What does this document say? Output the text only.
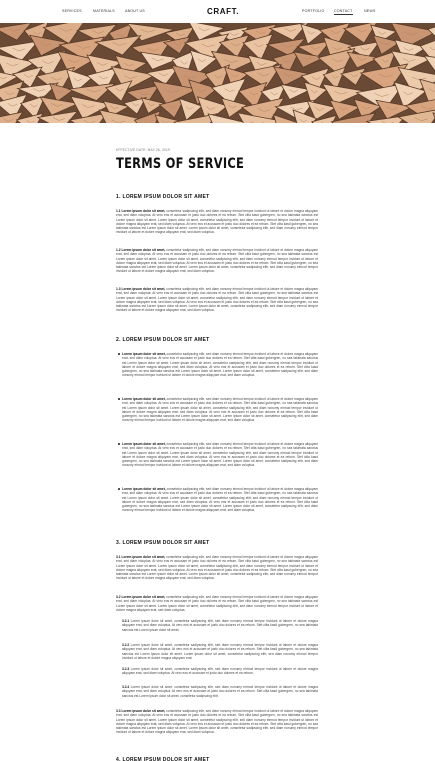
SERVICES	MATERIALS	ABOUT US	CRAFT.	PORTFOLIO	CONTACT	NEWS
EFFECTIVE DATE: MAY 26, 2019
TERMS OF SERVICE
1. LOREM IPSUM DOLOR SIT AMET

1.1 Lorem ipsum dolor sit amet, consetetur sadipscing elitr, sed diam nonumy eirmod tempor invidunt ut labore et dolore magna aliquyam erat, sed diam voluptua. At vero eos et accusam et justo duo dolores et ea rebum. Stet clita kasd gubergren, no sea takimata sanctus est Lorem ipsum dolor sit amet. Lorem ipsum dolor sit amet, consetetur sadipscing elitr, sed diam nonumy eirmod tempor invidunt ut labore et dolore magna aliquyam erat, sed diam voluptua. At vero eos et accusam et justo duo dolores et ea rebum. Stet clita kasd gubergren, no sea takimata sanctus est Lorem ipsum dolor sit amet. Lorem ipsum dolor sit amet, consetetur sadipscing elitr, sed diam nonumy eirmod tempor invidunt ut labore et dolore magna aliquyam erat, sed diam voluptua.

1.2 Lorem ipsum dolor sit amet, consetetur sadipscing elitr, sed diam nonumy eirmod tempor invidunt ut labore et dolore magna aliquyam erat, sed diam voluptua. At vero eos et accusam et justo duo dolores et ea rebum. Stet clita kasd gubergren, no sea takimata sanctus est Lorem ipsum dolor sit amet. Lorem ipsum dolor sit amet, consetetur sadipscing elitr, sed diam nonumy eirmod tempor invidunt ut labore et dolore magna aliquyam erat, sed diam voluptua. At vero eos et accusam et justo duo dolores et ea rebum. Stet clita kasd gubergren, no sea takimata sanctus est Lorem ipsum dolor sit amet. Lorem ipsum dolor sit amet, consetetur sadipscing elitr, sed diam nonumy eirmod tempor invidunt ut labore et dolore magna aliquyam erat, sed diam voluptua.

1.3 Lorem ipsum dolor sit amet, consetetur sadipscing elitr, sed diam nonumy eirmod tempor invidunt ut labore et dolore magna aliquyam erat, sed diam voluptua. At vero eos et accusam et justo duo dolores et ea rebum. Stet clita kasd gubergren, no sea takimata sanctus est Lorem ipsum dolor sit amet. Lorem ipsum dolor sit amet, consetetur sadipscing elitr, sed diam nonumy eirmod tempor invidunt ut labore et dolore magna aliquyam erat, sed diam voluptua. At vero eos et accusam et justo duo dolores et ea rebum. Stet clita kasd gubergren, no sea takimata sanctus est Lorem ipsum dolor sit amet. Lorem ipsum dolor sit amet, consetetur sadipscing elitr, sed diam nonumy eirmod tempor invidunt ut labore et dolore magna aliquyam erat, sed diam voluptua.

2. LOREM IPSUM DOLOR SIT AMET

Lorem ipsum dolor sit amet, consetetur sadipscing elitr, sed diam nonumy eirmod tempor invidunt ut labore et dolore magna aliquyam erat, sed diam voluptua. At vero eos et accusam et justo duo dolores et ea rebum. Stet clita kasd gubergren, no sea takimata sanctus est Lorem ipsum dolor sit amet. Lorem ipsum dolor sit amet, consetetur sadipscing elitr, sed diam nonumy eirmod tempor invidunt ut labore et dolore magna aliquyam erat, sed diam voluptua. At vero eos et accusam et justo duo dolores et ea rebum. Stet clita kasd gubergren, no sea takimata sanctus est Lorem ipsum dolor sit amet. Lorem ipsum dolor sit amet, consetetur sadipscing elitr, sed diam nonumy eirmod tempor invidunt ut labore et dolore magna aliquyam erat, sed diam voluptua.

Lorem ipsum dolor sit amet, consetetur sadipscing elitr, sed diam nonumy eirmod tempor invidunt ut labore et dolore magna aliquyam erat, sed diam voluptua. At vero eos et accusam et justo duo dolores et ea rebum. Stet clita kasd gubergren, no sea takimata sanctus est Lorem ipsum dolor sit amet. Lorem ipsum dolor sit amet, consetetur sadipscing elitr, sed diam nonumy eirmod tempor invidunt ut labore et dolore magna aliquyam erat, sed diam voluptua. At vero eos et accusam et justo duo dolores et ea rebum. Stet clita kasd gubergren, no sea takimata sanctus est Lorem ipsum dolor sit amet. Lorem ipsum dolor sit amet, consetetur sadipscing elitr, sed diam nonumy eirmod tempor invidunt ut labore et dolore magna aliquyam erat, sed diam voluptua.

Lorem ipsum dolor sit amet, consetetur sadipscing elitr, sed diam nonumy eirmod tempor invidunt ut labore et dolore magna aliquyam erat, sed diam voluptua. At vero eos et accusam et justo duo dolores et ea rebum. Stet clita kasd gubergren, no sea takimata sanctus est Lorem ipsum dolor sit amet. Lorem ipsum dolor sit amet, consetetur sadipscing elitr, sed diam nonumy eirmod tempor invidunt ut labore et dolore magna aliquyam erat, sed diam voluptua. At vero eos et accusam et justo duo dolores et ea rebum. Stet clita kasd gubergren, no sea takimata sanctus est Lorem ipsum dolor sit amet. Lorem ipsum dolor sit amet, consetetur sadipscing elitr, sed diam nonumy eirmod tempor invidunt ut labore et dolore magna aliquyam erat, sed diam voluptua.

Lorem ipsum dolor sit amet, consetetur sadipscing elitr, sed diam nonumy eirmod tempor invidunt ut labore et dolore magna aliquyam erat, sed diam voluptua. At vero eos et accusam et justo duo dolores et ea rebum. Stet clita kasd gubergren, no sea takimata sanctus est Lorem ipsum dolor sit amet. Lorem ipsum dolor sit amet, consetetur sadipscing elitr, sed diam nonumy eirmod tempor invidunt ut labore et dolore magna aliquyam erat, sed diam voluptua. At vero eos et accusam et justo duo dolores et ea rebum. Stet clita kasd gubergren, no sea takimata sanctus est Lorem ipsum dolor sit amet. Lorem ipsum dolor sit amet, consetetur sadipscing elitr, sed diam nonumy eirmod tempor invidunt ut labore et dolore magna aliquyam erat, sed diam voluptua.

3. LOREM IPSUM DOLOR SIT AMET

3.1 Lorem ipsum dolor sit amet, consetetur sadipscing elitr, sed diam nonumy eirmod tempor invidunt ut labore et dolore magna aliquyam erat, sed diam voluptua. At vero eos et accusam et justo duo dolores et ea rebum. Stet clita kasd gubergren, no sea takimata sanctus est Lorem ipsum dolor sit amet. Lorem ipsum dolor sit amet, consetetur sadipscing elitr, sed diam nonumy eirmod tempor invidunt ut labore et dolore magna aliquyam erat, sed diam voluptua. At vero eos et accusam et justo duo dolores et ea rebum. Stet clita kasd gubergren, no sea takimata sanctus est Lorem ipsum dolor sit amet. Lorem ipsum dolor sit amet, consetetur sadipscing elitr, sed diam nonumy eirmod tempor invidunt ut labore et dolore magna aliquyam erat, sed diam voluptua.

3.2 Lorem ipsum dolor sit amet, consetetur sadipscing elitr, sed diam nonumy eirmod tempor invidunt ut labore et dolore magna aliquyam erat, sed diam voluptua. At vero eos et accusam et justo duo dolores et ea rebum. Stet clita kasd gubergren, no sea takimata sanctus est Lorem ipsum dolor sit amet. Lorem ipsum dolor sit amet, consetetur sadipscing elitr, sed diam nonumy eirmod tempor invidunt ut labore et dolore magna aliquyam erat, sed diam voluptua.

3.2.1 Lorem ipsum dolor sit amet, consetetur sadipscing elitr, sed diam nonumy eirmod tempor invidunt ut labore et dolore magna aliquyam erat, sed diam voluptua. At vero eos et accusam et justo duo dolores et ea rebum. Stet clita kasd gubergren, no sea takimata sanctus est Lorem ipsum dolor sit amet.

3.2.2 Lorem ipsum dolor sit amet, consetetur sadipscing elitr, sed diam nonumy eirmod tempor invidunt ut labore et dolore magna aliquyam erat, sed diam voluptua. At vero eos et accusam et justo duo dolores et ea rebum. Stet clita kasd gubergren, no sea takimata sanctus est Lorem ipsum dolor sit amet. Lorem ipsum dolor sit amet, consetetur sadipscing elitr, sed diam nonumy eirmod tempor invidunt ut labore et dolore magna aliquyam erat.

3.2.3 Lorem ipsum dolor sit amet, consetetur sadipscing elitr, sed diam nonumy eirmod tempor invidunt ut labore et dolore magna aliquyam erat, sed diam voluptua. At vero eos et accusam et justo duo dolores et ea rebum.

3.2.4 Lorem ipsum dolor sit amet, consetetur sadipscing elitr, sed diam nonumy eirmod tempor invidunt ut labore et dolore magna aliquyam erat, sed diam voluptua. At vero eos et accusam et justo duo dolores et ea rebum. Stet clita kasd gubergren, no sea takimata sanctus est Lorem ipsum dolor sit amet, consetetur sadipscing elitr.

3.3 Lorem ipsum dolor sit amet, consetetur sadipscing elitr, sed diam nonumy eirmod tempor invidunt ut labore et dolore magna aliquyam erat, sed diam voluptua. At vero eos et accusam et justo duo dolores et ea rebum. Stet clita kasd gubergren, no sea takimata sanctus est Lorem ipsum dolor sit amet. Lorem ipsum dolor sit amet, consetetur sadipscing elitr, sed diam nonumy eirmod tempor invidunt ut labore et dolore magna aliquyam erat, sed diam voluptua. At vero eos et accusam et justo duo dolores et ea rebum. Stet clita kasd gubergren, no sea takimata sanctus est Lorem ipsum dolor sit amet. Lorem ipsum dolor sit amet, consetetur sadipscing elitr, sed diam nonumy eirmod tempor invidunt ut labore et dolore magna aliquyam erat, sed diam voluptua.

4. LOREM IPSUM DOLOR SIT AMET
